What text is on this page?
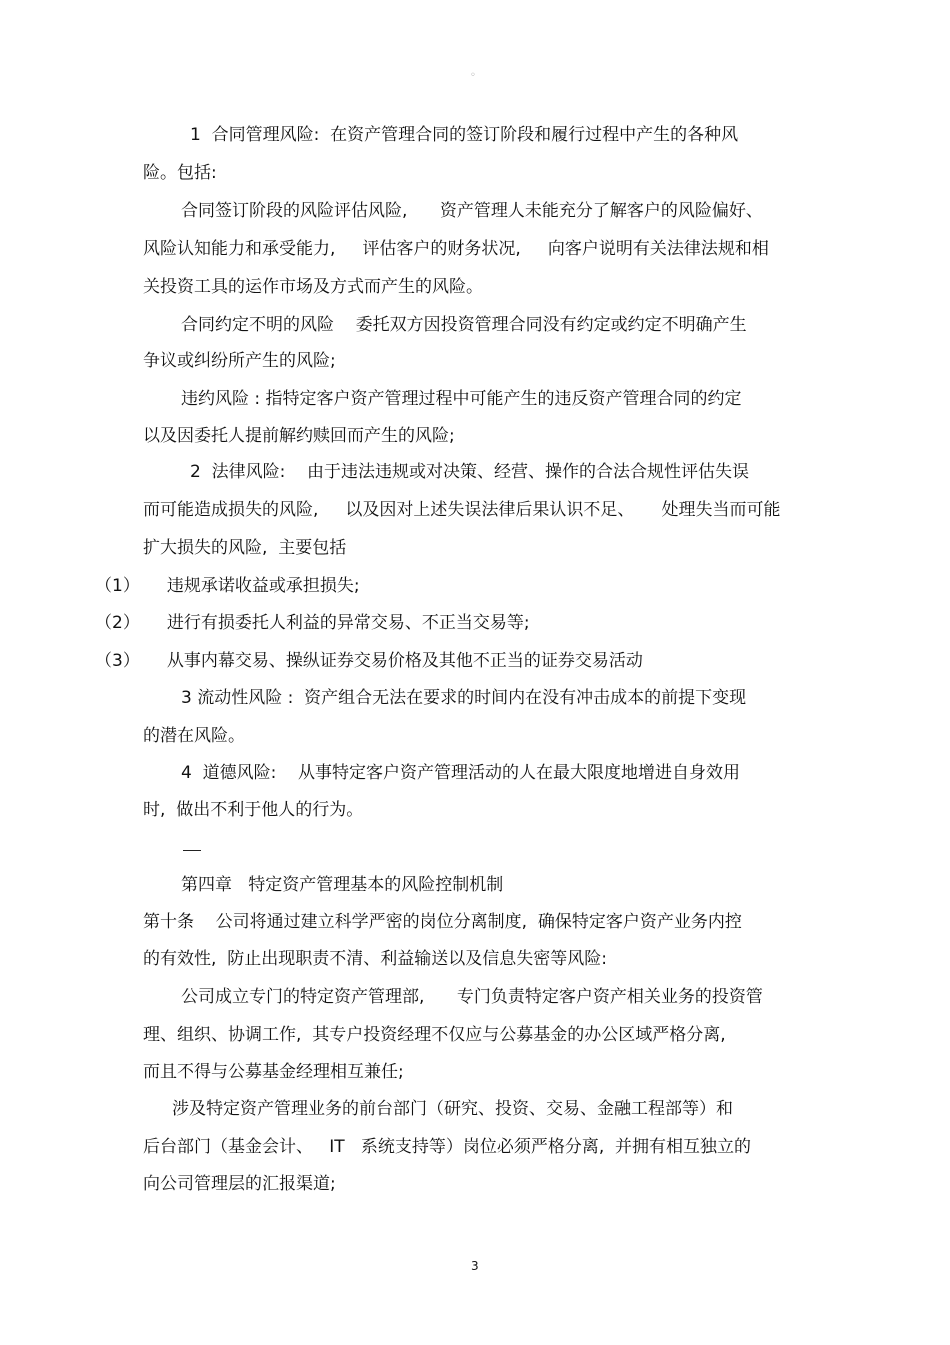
◦
1  合同管理风险:  在资产管理合同的签订阶段和履行过程中产生的各种风
险。包括:
合同签订阶段的风险评估风险,      资产管理人未能充分了解客户的风险偏好、
风险认知能力和承受能力,     评估客户的财务状况,     向客户说明有关法律法规和相
关投资工具的运作市场及方式而产生的风险。
合同约定不明的风险    委托双方因投资管理合同没有约定或约定不明确产生
争议或纠纷所产生的风险;
违约风险 : 指特定客户资产管理过程中可能产生的违反资产管理合同的约定
以及因委托人提前解约赎回而产生的风险;
2  法律风险:    由于违法违规或对决策、经营、操作的合法合规性评估失误
而可能造成损失的风险,     以及因对上述失误法律后果认识不足、     处理失当而可能
扩大损失的风险,  主要包括
（1）     违规承诺收益或承担损失;
（2）     进行有损委托人利益的异常交易、不正当交易等;
（3）     从事内幕交易、操纵证券交易价格及其他不正当的证券交易活动
3 流动性风险 :  资产组合无法在要求的时间内在没有冲击成本的前提下变现
的潜在风险。
4  道德风险:    从事特定客户资产管理活动的人在最大限度地增进自身效用
时,  做出不利于他人的行为。
第四章   特定资产管理基本的风险控制机制
第十条    公司将通过建立科学严密的岗位分离制度,  确保特定客户资产业务内控
的有效性,  防止出现职责不清、利益输送以及信息失密等风险:
公司成立专门的特定资产管理部,      专门负责特定客户资产相关业务的投资管
理、组织、协调工作,  其专户投资经理不仅应与公募基金的办公区域严格分离,
而且不得与公募基金经理相互兼任;
涉及特定资产管理业务的前台部门（研究、投资、交易、金融工程部等）和
后台部门（基金会计、   IT   系统支持等）岗位必须严格分离,  并拥有相互独立的
向公司管理层的汇报渠道;
3
